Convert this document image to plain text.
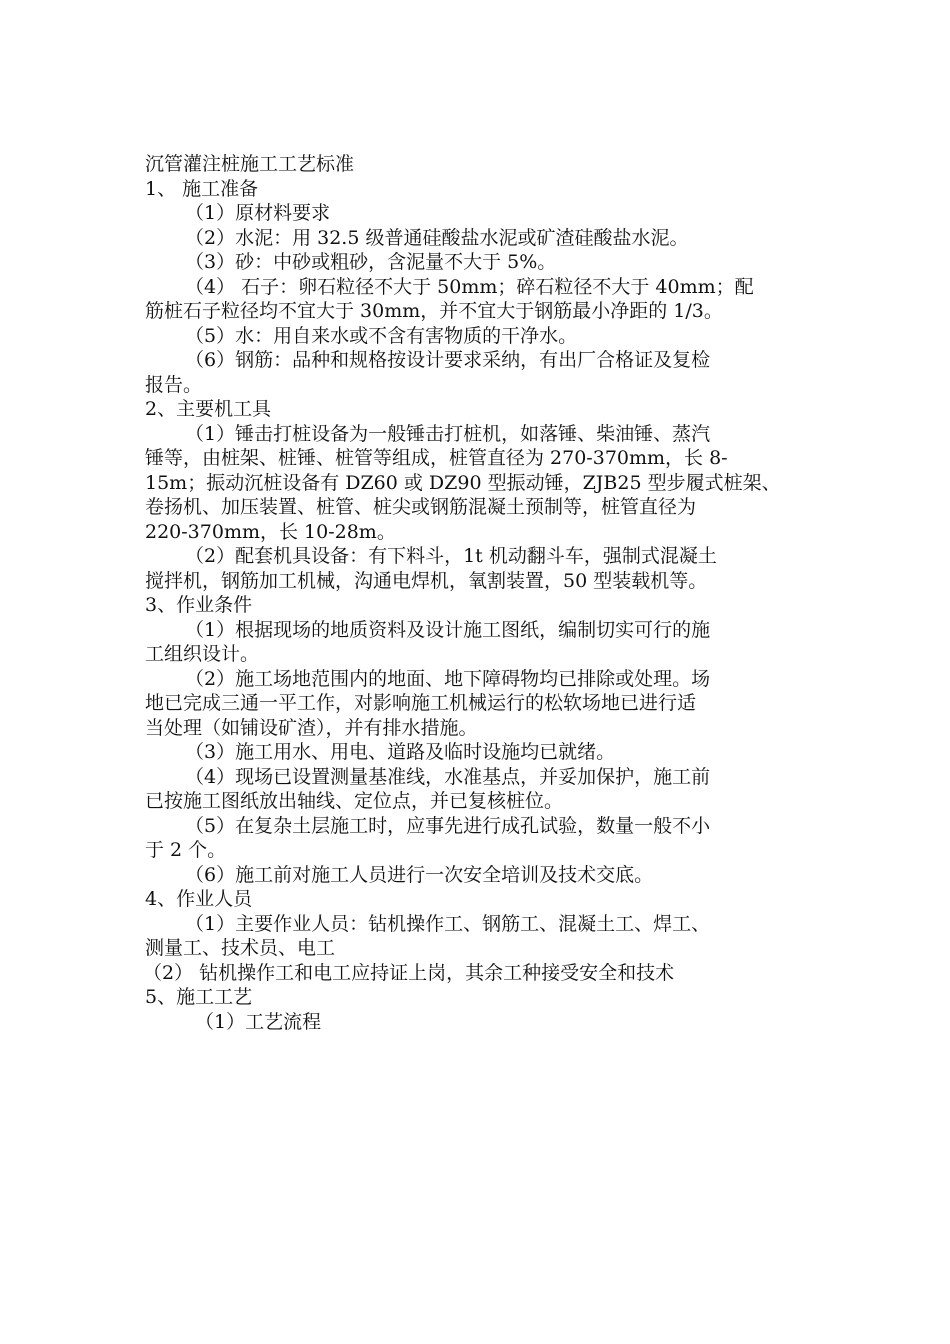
沉管灌注桩施工工艺标准
1、 施工准备
（1）原材料要求
（2）水泥：用 32.5 级普通硅酸盐水泥或矿渣硅酸盐水泥。
（3）砂：中砂或粗砂，含泥量不大于 5%。
（4） 石子：卵石粒径不大于 50mm；碎石粒径不大于 40mm；配
筋桩石子粒径均不宜大于 30mm，并不宜大于钢筋最小净距的 1/3。
（5）水：用自来水或不含有害物质的干净水。
（6）钢筋：品种和规格按设计要求采纳，有出厂合格证及复检
报告。
2、主要机工具
（1）锤击打桩设备为一般锤击打桩机，如落锤、柴油锤、蒸汽
锤等，由桩架、桩锤、桩管等组成，桩管直径为 270-370mm，长 8-
15m；振动沉桩设备有 DZ60 或 DZ90 型振动锤，ZJB25 型步履式桩架、
卷扬机、加压装置、桩管、桩尖或钢筋混凝土预制等，桩管直径为
220-370mm，长 10-28m。
（2）配套机具设备：有下料斗，1t 机动翻斗车，强制式混凝土
搅拌机，钢筋加工机械，沟通电焊机，氧割装置，50 型装载机等。
3、作业条件
（1）根据现场的地质资料及设计施工图纸，编制切实可行的施
工组织设计。
（2）施工场地范围内的地面、地下障碍物均已排除或处理。场
地已完成三通一平工作，对影响施工机械运行的松软场地已进行适
当处理（如铺设矿渣），并有排水措施。
（3）施工用水、用电、道路及临时设施均已就绪。
（4）现场已设置测量基准线，水准基点，并妥加保护，施工前
已按施工图纸放出轴线、定位点，并已复核桩位。
（5）在复杂土层施工时，应事先进行成孔试验，数量一般不小
于 2 个。
（6）施工前对施工人员进行一次安全培训及技术交底。
4、作业人员
（1）主要作业人员：钻机操作工、钢筋工、混凝土工、焊工、
测量工、技术员、电工
（2） 钻机操作工和电工应持证上岗，其余工种接受安全和技术
5、施工工艺
（1）工艺流程
